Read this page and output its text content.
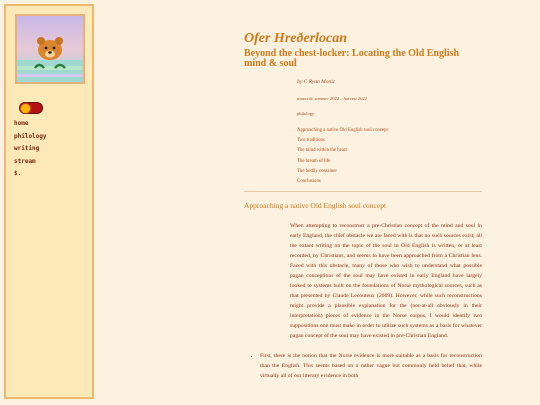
home
philology
writing
stream
$.
Ofer Hreðerlocan
Beyond the chest-locker: Locating the Old English mind & soul
by C Ryan Moniz
mmxxiii: summer 2022 – harvest 2022
philology
Approaching a native Old English soul concept
Two traditions
The mind within the heart
The breath of life
The bodily container
Conclusions
Approaching a native Old English soul concept

When attempting to reconstruct a pre-Christian concept of the mind and soul in early England, the chief obstacle we are faced with is that no such sources exist; all the extant writing on the topic of the soul in Old English is written, or at least recorded, by Christians, and seems to have been approached from a Christian lens. Faced with this obstacle, many of those who wish to understand what possible pagan conceptions of the soul may have existed in early England have largely looked to systems built on the foundations of Norse mythological sources, such as that presented by Claude Lecouteux (2009). However, while such reconstructions might provide a plausible explanation for the (not-at-all obviously in their interpretation) pieces of evidence in the Norse corpus, I would identify two suppositions one must make in order to utilize such systems as a basis for whatever pagan concept of the soul may have existed in pre-Christian England.

• First, there is the notion that the Norse evidence is more suitable as a basis for reconstruction than the English. This seems based on a rather vague but commonly held belief that, while virtually all of our literary evidence in both
